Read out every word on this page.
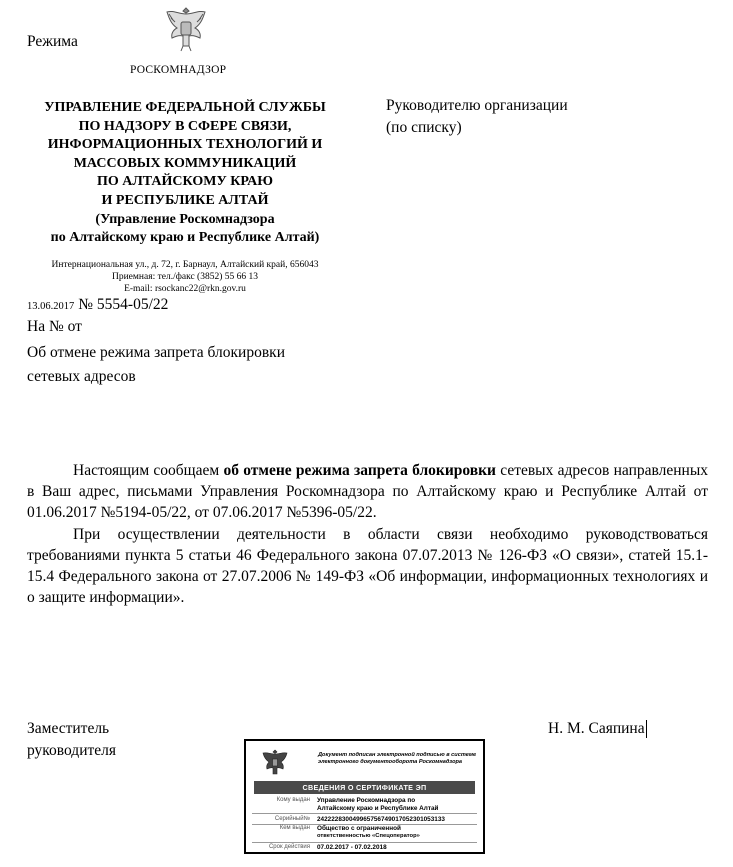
Режима
РОСКОМНАДЗОР
УПРАВЛЕНИЕ ФЕДЕРАЛЬНОЙ СЛУЖБЫ
ПО НАДЗОРУ В СФЕРЕ СВЯЗИ,
ИНФОРМАЦИОННЫХ ТЕХНОЛОГИЙ И
МАССОВЫХ КОММУНИКАЦИЙ
ПО АЛТАЙСКОМУ КРАЮ
И РЕСПУБЛИКЕ АЛТАЙ
(Управление Роскомнадзора
по Алтайскому краю и Республике Алтай)
Интернациональная ул., д. 72, г. Барнаул, Алтайский край, 656043
Приемная: тел./факс (3852) 55 66 13
E-mail: rsockanc22@rkn.gov.ru
Руководителю организации
(по списку)
13.06.2017 № 5554-05/22
На № от
Об отмене режима запрета блокировки
сетевых адресов

Настоящим сообщаем об отмене режима запрета блокировки сетевых адресов направленных в Ваш адрес, письмами Управления Роскомнадзора по Алтайскому краю и Республике Алтай от 01.06.2017 №5194-05/22, от 07.06.2017 №5396-05/22.

При осуществлении деятельности в области связи необходимо руководствоваться требованиями пункта 5 статьи 46 Федерального закона 07.07.2013 № 126-ФЗ «О связи», статей 15.1-15.4 Федерального закона от 27.07.2006 № 149-ФЗ «Об информации, информационных технологиях и о защите информации».

Заместитель
руководителя
Н. М. Саяпина
Документ подписан электронной подписью в системе
электронного документооборота Роскомнадзора
СВЕДЕНИЯ О СЕРТИФИКАТЕ ЭП
Кому выдан Управление Роскомнадзора по
Алтайскому краю и Республике Алтай
Серийный№ 242222830049965756749017052301053133
Кем выдан Общество с ограниченной
ответственностью «Спецоператор»
Срок действия 07.02.2017 - 07.02.2018
